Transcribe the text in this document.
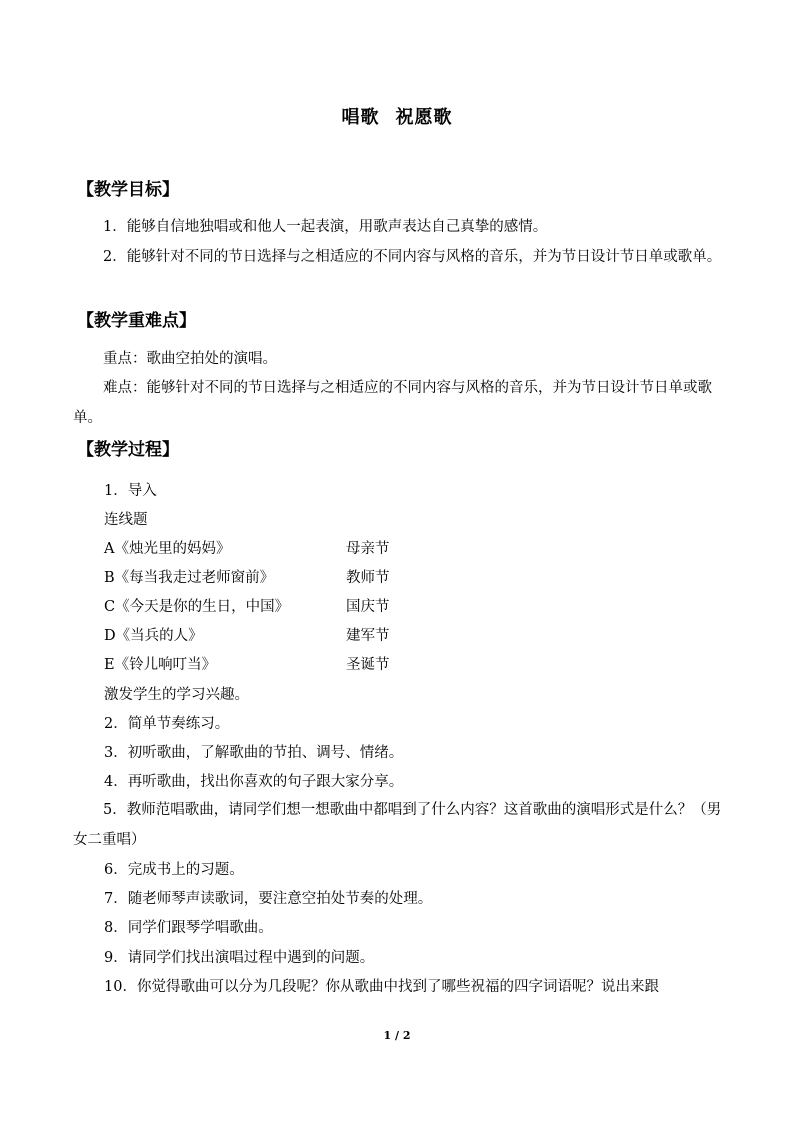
唱歌 祝愿歌
【教学目标】

1．能够自信地独唱或和他人一起表演，用歌声表达自己真挚的感情。

2．能够针对不同的节日选择与之相适应的不同内容与风格的音乐，并为节日设计节日单或歌单。

【教学重难点】

重点：歌曲空拍处的演唱。

难点：能够针对不同的节日选择与之相适应的不同内容与风格的音乐，并为节日设计节日单或歌单。

【教学过程】
1．导入
连线题
A《烛光里的妈妈》	母亲节
B《每当我走过老师窗前》	教师节
C《今天是你的生日，中国》	国庆节
D《当兵的人》	建军节
E《铃儿响叮当》	圣诞节
激发学生的学习兴趣。
2．简单节奏练习。
3．初听歌曲，了解歌曲的节拍、调号、情绪。
4．再听歌曲，找出你喜欢的句子跟大家分享。

5．教师范唱歌曲，请同学们想一想歌曲中都唱到了什么内容？这首歌曲的演唱形式是什么？（男女二重唱）

6．完成书上的习题。
7．随老师琴声读歌词，要注意空拍处节奏的处理。
8．同学们跟琴学唱歌曲。
9．请同学们找出演唱过程中遇到的问题。
10．你觉得歌曲可以分为几段呢？你从歌曲中找到了哪些祝福的四字词语呢？说出来跟
1 / 2
